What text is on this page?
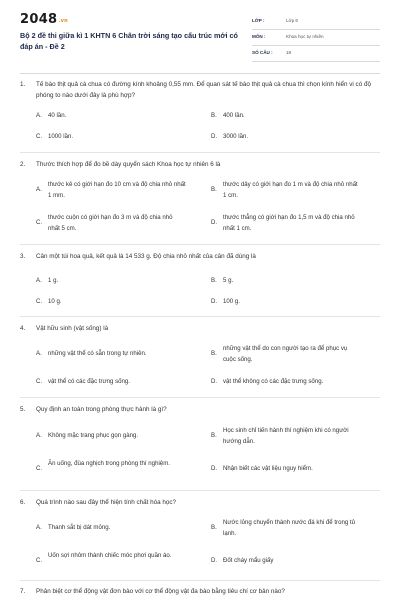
$2048^{.vn}$
Bộ 2 đề thi giữa kì 1 KHTN 6 Chân trời sáng tạo cấu trúc mới có đáp án - Đề 2
LỚP :	Lớp 6
MÔN :	Khoa học tự nhiên
SỐ CÂU :	18
1. Tế bào thịt quả cà chua có đường kính khoảng 0,55 mm. Để quan sát tế bào thịt quả cà chua thì chọn kính hiển vi có độ phóng to nào dưới đây là phù hợp?
A. 40 lần.	B. 400 lần.
C. 1000 lần.	D. 3000 lần.
2. Thước thích hợp để đo bề dày quyển sách Khoa học tự nhiên 6 là
A.
thước kẻ có giới hạn đo 10 cm và độ chia nhỏ nhất 1 mm.
B.
thước dây có giới hạn đo 1 m và độ chia nhỏ nhất 1 cm.
C.
thước cuộn có giới hạn đo 3 m và độ chia nhỏ nhất 5 cm.
D.
thước thẳng có giới hạn đo 1,5 m và độ chia nhỏ nhất 1 cm.
3. Cân một túi hoa quả, kết quả là 14 533 g. Độ chia nhỏ nhất của cân đã dùng là
A. 1 g.	B. 5 g.
C. 10 g.	D. 100 g.
4. Vật hữu sinh (vật sống) là
A. những vật thể có sẵn trong tự nhiên.	B.
những vật thể do con người tạo ra để phục vụ cuộc sống.
C. vật thể có các đặc trưng sống.	D. vật thể không có các đặc trưng sống.
5. Quy định an toàn trong phòng thực hành là gì?
A. Không mặc trang phục gọn gàng.	B.
Học sinh chỉ tiến hành thí nghiệm khi có người hướng dẫn.
C.
Ăn uống, đùa nghịch trong phòng thí nghiệm.
D. Nhận biết các vật liệu nguy hiểm.
6. Quá trình nào sau đây thể hiện tính chất hóa học?
A. Thanh sắt bị dát mỏng.	B.
Nước lỏng chuyển thành nước đá khi để trong tủ lạnh.
C.
Uốn sợi nhôm thành chiếc móc phơi quần áo.
D. Đốt cháy mẩu giấy
7. Phân biệt cơ thể động vật đơn bào với cơ thể động vật đa bào bằng tiêu chí cơ bản nào?
